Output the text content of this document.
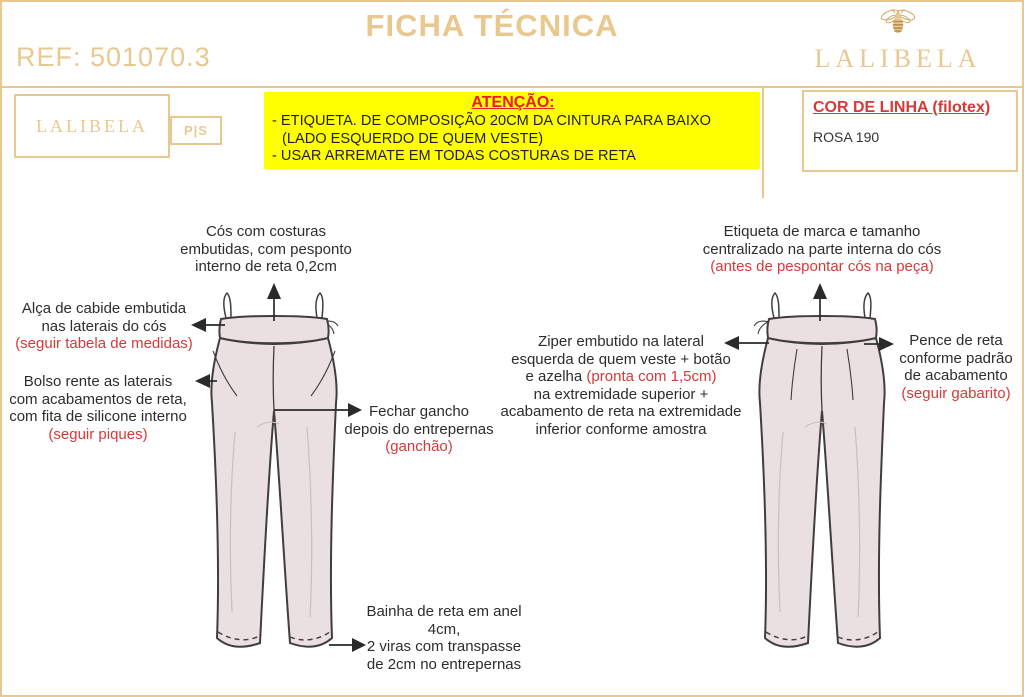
FICHA TÉCNICA
REF: 501070.3	LALIBELA
LALIBELA	P|S
ATENÇÃO:
- ETIQUETA. DE COMPOSIÇÃO 20CM DA CINTURA PARA BAIXO
(LADO ESQUERDO DE QUEM VESTE)
- USAR ARREMATE EM TODAS COSTURAS DE RETA
COR DE LINHA (filotex)
ROSA 190
Cós com costuras
embutidas, com pesponto
interno de reta 0,2cm
Alça de cabide embutida
nas laterais do cós
(seguir tabela de medidas)
Bolso rente as laterais
com acabamentos de reta,
com fita de silicone interno
(seguir piques)
Fechar gancho
depois do entrepernas
(ganchão)
Bainha de reta em anel 4cm,
2 viras com transpasse
de 2cm no entrepernas
Etiqueta de marca e tamanho
centralizado na parte interna do cós
(antes de pespontar cós na peça)
Ziper embutido na lateral
esquerda de quem veste + botão
e azelha (pronta com 1,5cm)
na extremidade superior +
acabamento de reta na extremidade
inferior conforme amostra
Pence de reta
conforme padrão
de acabamento
(seguir gabarito)
